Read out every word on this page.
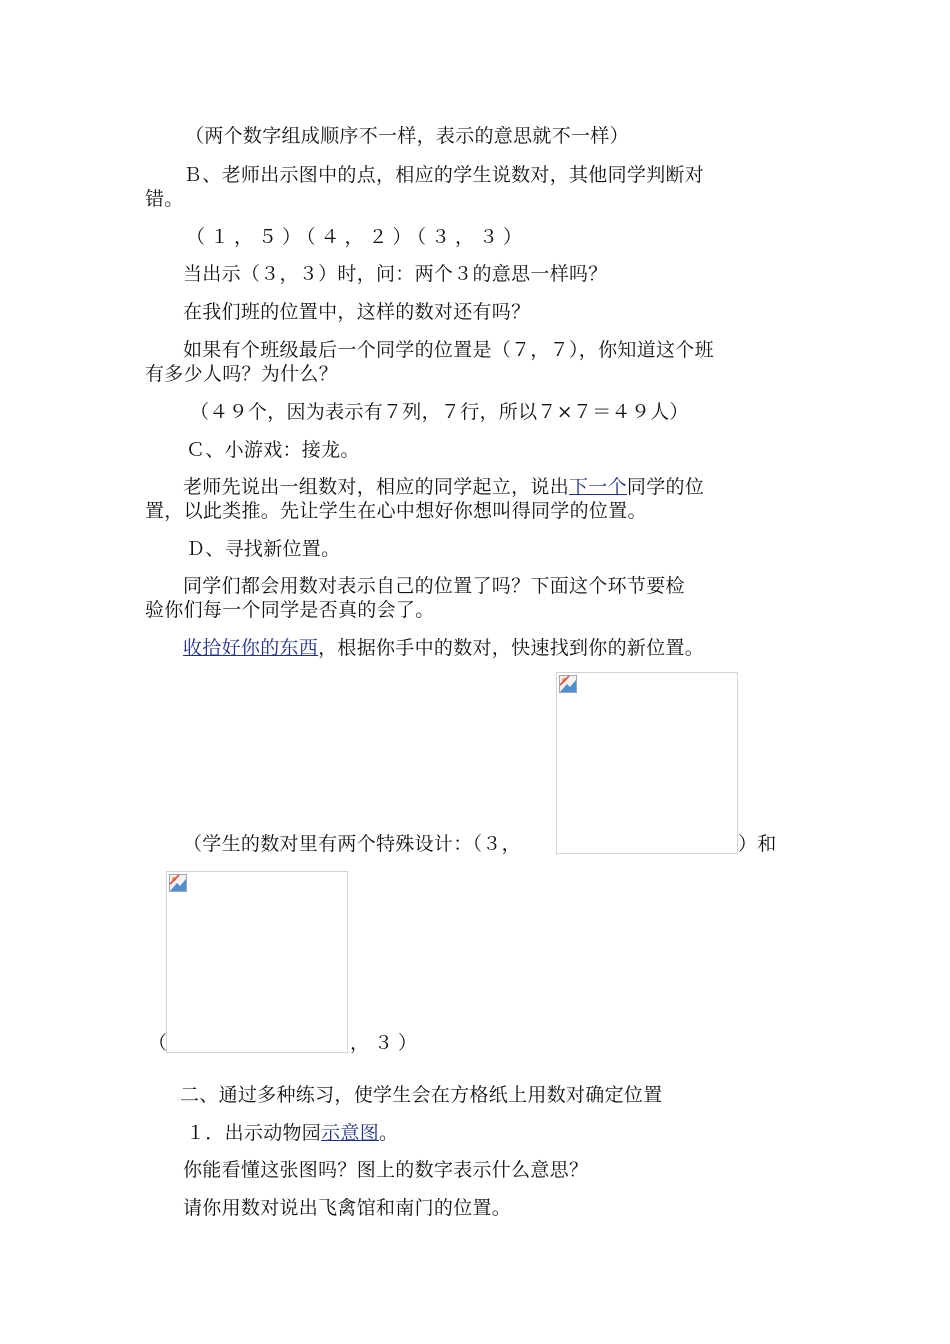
（两个数字组成顺序不一样，表示的意思就不一样）
Ｂ、老师出示图中的点，相应的学生说数对，其他同学判断对
错。
（１，５）（４，２）（３，３）
当出示（３，３）时，问：两个３的意思一样吗？
在我们班的位置中，这样的数对还有吗？
如果有个班级最后一个同学的位置是（７，７），你知道这个班
有多少人吗？为什么？
（４９个，因为表示有７列，７行，所以７×７＝４９人）
Ｃ、小游戏：接龙。
老师先说出一组数对，相应的同学起立，说出下一个同学的位
置，以此类推。先让学生在心中想好你想叫得同学的位置。
Ｄ、寻找新位置。
同学们都会用数对表示自己的位置了吗？下面这个环节要检
验你们每一个同学是否真的会了。
收拾好你的东西，根据你手中的数对，快速找到你的新位置。
（学生的数对里有两个特殊设计：（３，	）和
（	，３）
二、通过多种练习，使学生会在方格纸上用数对确定位置
１．出示动物园示意图。
你能看懂这张图吗？图上的数字表示什么意思？
请你用数对说出飞禽馆和南门的位置。
